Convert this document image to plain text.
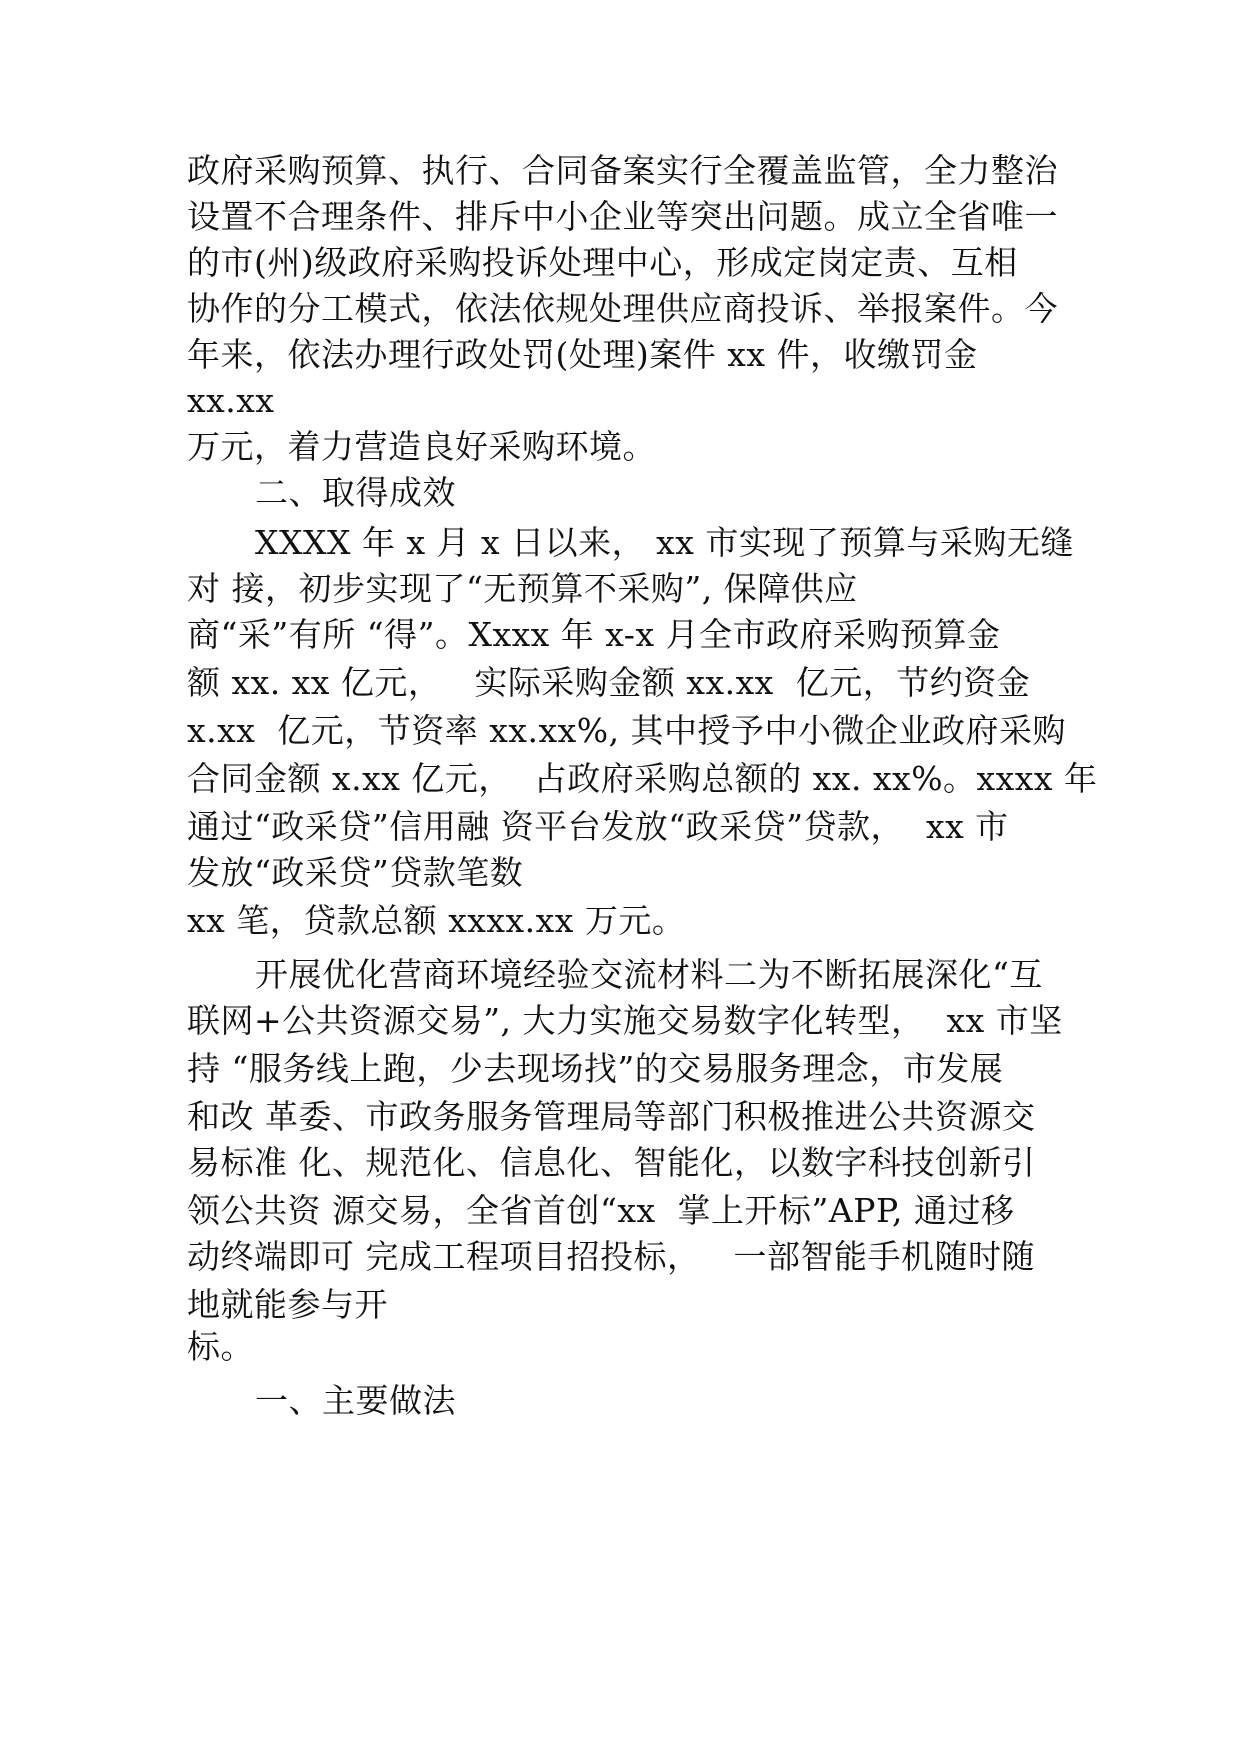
政府采购预算、执行、合同备案实行全覆盖监管，全力整治

设置不合理条件、排斥中小企业等突出问题。成立全省唯一

的市(州)级政府采购投诉处理中心，形成定岗定责、互相

协作的分工模式，依法依规处理供应商投诉、举报案件。今

年来，依法办理行政处罚(处理)案件 xx 件，收缴罚金

xx.xx

万元，着力营造良好采购环境。

二、取得成效

XXXX 年 x 月 x 日以来， xx 市实现了预算与采购无缝

对 接，初步实现了“无预算不采购”, 保障供应

商“采”有所 “得”。Xxxx 年 x-x 月全市政府采购预算金

额 xx. xx 亿元，   实际采购金额 xx.xx  亿元，节约资金

x.xx  亿元，节资率 xx.xx%, 其中授予中小微企业政府采购

合同金额 x.xx 亿元，  占政府采购总额的 xx. xx%。xxxx 年

通过“政采贷”信用融 资平台发放“政采贷”贷款，  xx 市

发放“政采贷”贷款笔数

xx 笔，贷款总额 xxxx.xx 万元。

开展优化营商环境经验交流材料二为不断拓展深化“互

联网+公共资源交易”, 大力实施交易数字化转型，  xx 市坚

持 “服务线上跑，少去现场找”的交易服务理念，市发展

和改 革委、市政务服务管理局等部门积极推进公共资源交

易标准 化、规范化、信息化、智能化，以数字科技创新引

领公共资 源交易，全省首创“xx  掌上开标”APP, 通过移

动终端即可 完成工程项目招投标，   一部智能手机随时随

地就能参与开

标。

一、主要做法
